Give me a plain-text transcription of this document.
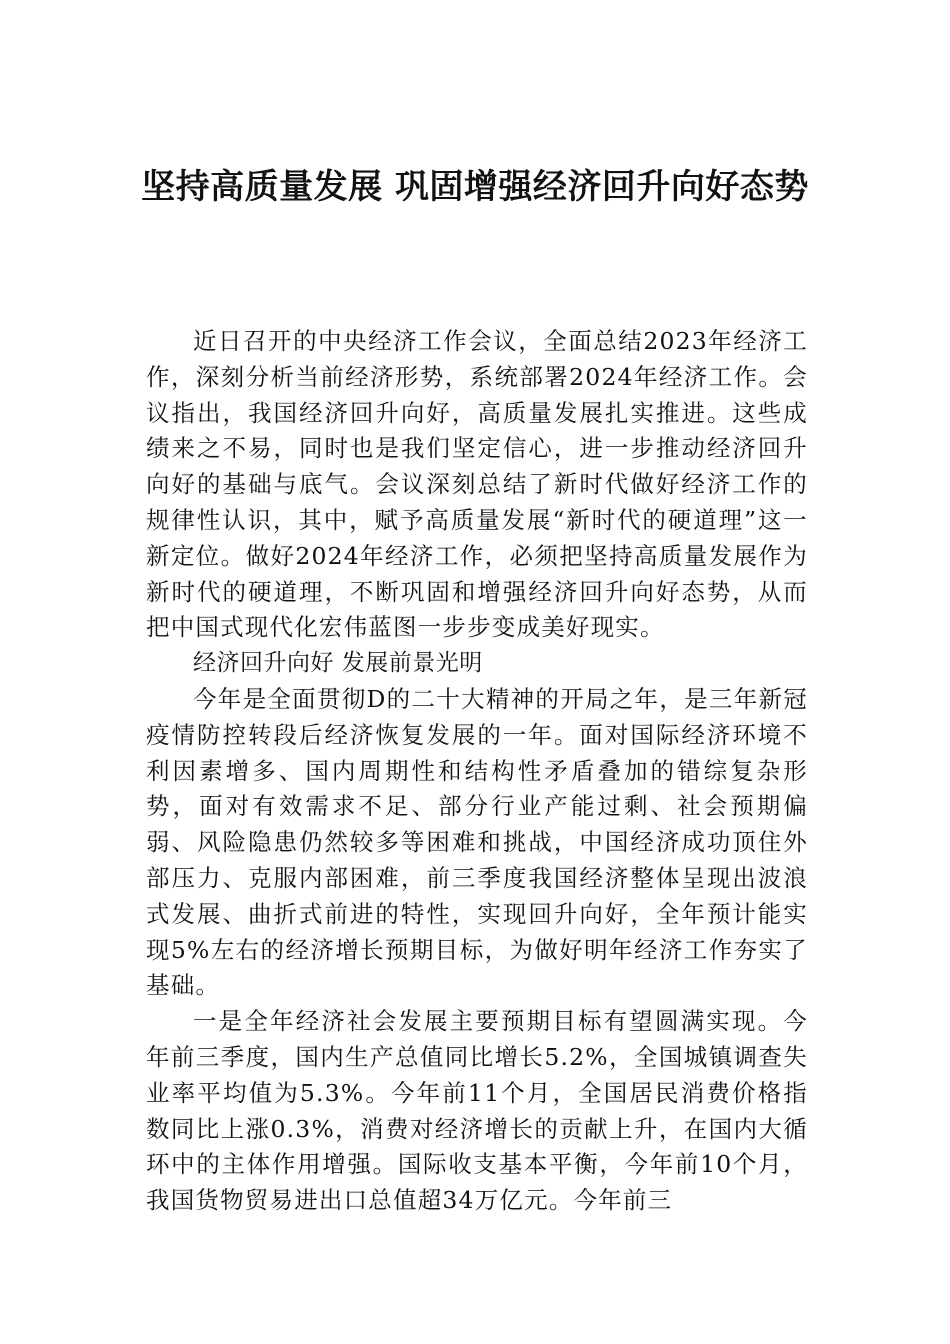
坚持高质量发展 巩固增强经济回升向好态势

近日召开的中央经济工作会议，全面总结2023年经济工作，深刻分析当前经济形势，系统部署2024年经济工作。会议指出，我国经济回升向好，高质量发展扎实推进。这些成绩来之不易，同时也是我们坚定信心，进一步推动经济回升向好的基础与底气。会议深刻总结了新时代做好经济工作的规律性认识，其中，赋予高质量发展“新时代的硬道理”这一新定位。做好2024年经济工作，必须把坚持高质量发展作为新时代的硬道理，不断巩固和增强经济回升向好态势，从而把中国式现代化宏伟蓝图一步步变成美好现实。

经济回升向好 发展前景光明

今年是全面贯彻D的二十大精神的开局之年，是三年新冠疫情防控转段后经济恢复发展的一年。面对国际经济环境不利因素增多、国内周期性和结构性矛盾叠加的错综复杂形势，面对有效需求不足、部分行业产能过剩、社会预期偏弱、风险隐患仍然较多等困难和挑战，中国经济成功顶住外部压力、克服内部困难，前三季度我国经济整体呈现出波浪式发展、曲折式前进的特性，实现回升向好，全年预计能实现5%左右的经济增长预期目标，为做好明年经济工作夯实了基础。

一是全年经济社会发展主要预期目标有望圆满实现。今年前三季度，国内生产总值同比增长5.2%，全国城镇调查失业率平均值为5.3%。今年前11个月，全国居民消费价格指数同比上涨0.3%，消费对经济增长的贡献上升，在国内大循环中的主体作用增强。国际收支基本平衡，今年前10个月，我国货物贸易进出口总值超34万亿元。今年前三
